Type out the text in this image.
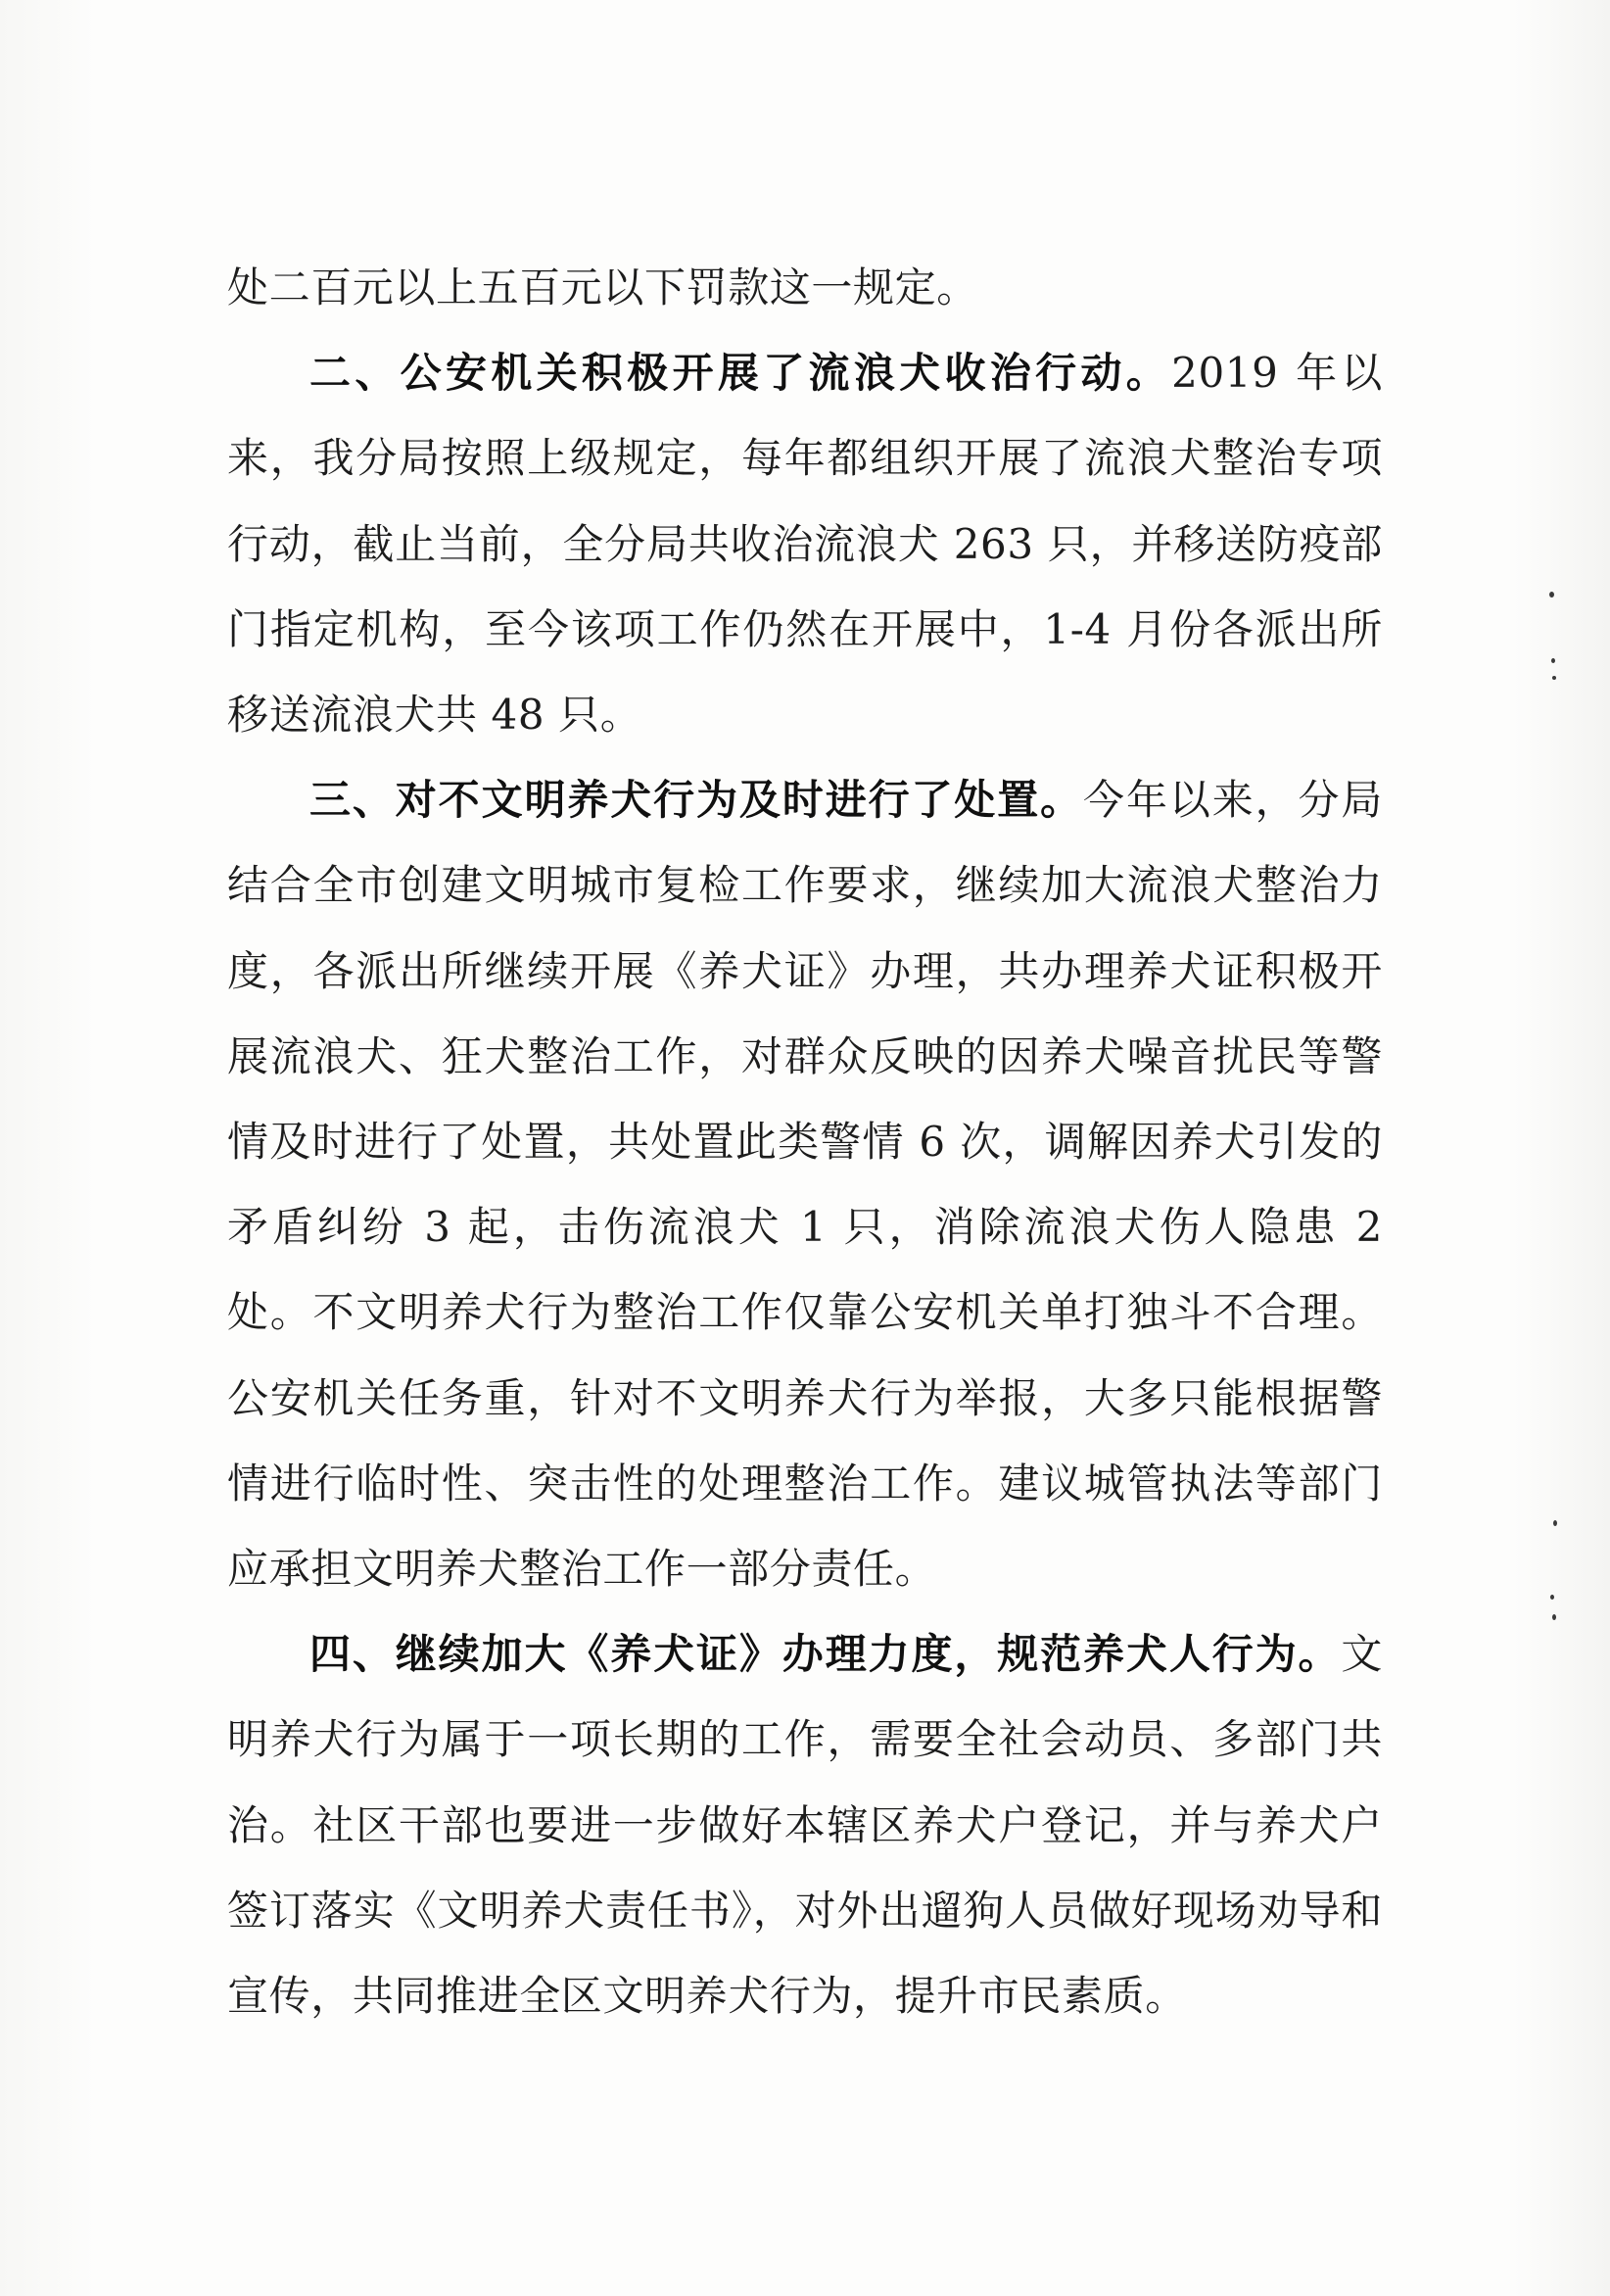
处二百元以上五百元以下罚款这一规定。

二、公安机关积极开展了流浪犬收治行动。2019 年以来，我分局按照上级规定，每年都组织开展了流浪犬整治专项行动，截止当前，全分局共收治流浪犬 263 只，并移送防疫部门指定机构，至今该项工作仍然在开展中，1-4 月份各派出所移送流浪犬共 48 只。

三、对不文明养犬行为及时进行了处置。今年以来，分局结合全市创建文明城市复检工作要求，继续加大流浪犬整治力度，各派出所继续开展《养犬证》办理，共办理养犬证积极开展流浪犬、狂犬整治工作，对群众反映的因养犬噪音扰民等警情及时进行了处置，共处置此类警情 6 次，调解因养犬引发的矛盾纠纷 3 起，击伤流浪犬 1 只，消除流浪犬伤人隐患 2 处。不文明养犬行为整治工作仅靠公安机关单打独斗不合理。公安机关任务重，针对不文明养犬行为举报，大多只能根据警情进行临时性、突击性的处理整治工作。建议城管执法等部门应承担文明养犬整治工作一部分责任。

四、继续加大《养犬证》办理力度，规范养犬人行为。文明养犬行为属于一项长期的工作，需要全社会动员、多部门共治。社区干部也要进一步做好本辖区养犬户登记，并与养犬户签订落实《文明养犬责任书》，对外出遛狗人员做好现场劝导和宣传，共同推进全区文明养犬行为，提升市民素质。
